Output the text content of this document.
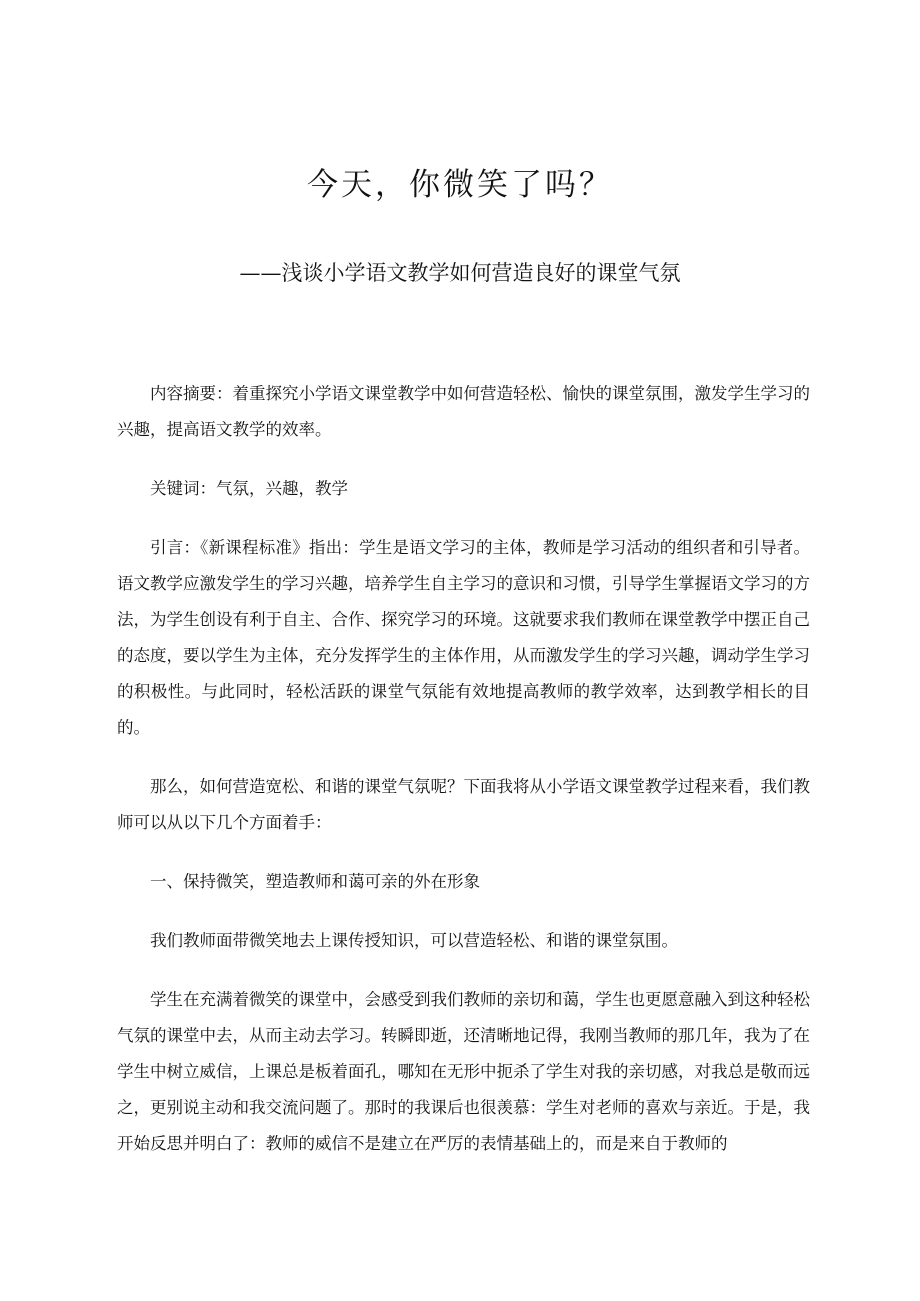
今天，你微笑了吗？
——浅谈小学语文教学如何营造良好的课堂气氛

内容摘要：着重探究小学语文课堂教学中如何营造轻松、愉快的课堂氛围，激发学生学习的兴趣，提高语文教学的效率。

关键词：气氛，兴趣，教学

引言：《新课程标准》指出：学生是语文学习的主体，教师是学习活动的组织者和引导者。语文教学应激发学生的学习兴趣，培养学生自主学习的意识和习惯，引导学生掌握语文学习的方法，为学生创设有利于自主、合作、探究学习的环境。这就要求我们教师在课堂教学中摆正自己的态度，要以学生为主体，充分发挥学生的主体作用，从而激发学生的学习兴趣，调动学生学习的积极性。与此同时，轻松活跃的课堂气氛能有效地提高教师的教学效率，达到教学相长的目的。

那么，如何营造宽松、和谐的课堂气氛呢？下面我将从小学语文课堂教学过程来看，我们教师可以从以下几个方面着手：

一、保持微笑，塑造教师和蔼可亲的外在形象

我们教师面带微笑地去上课传授知识，可以营造轻松、和谐的课堂氛围。

学生在充满着微笑的课堂中，会感受到我们教师的亲切和蔼，学生也更愿意融入到这种轻松气氛的课堂中去，从而主动去学习。转瞬即逝，还清晰地记得，我刚当教师的那几年，我为了在学生中树立威信，上课总是板着面孔，哪知在无形中扼杀了学生对我的亲切感，对我总是敬而远之，更别说主动和我交流问题了。那时的我课后也很羡慕：学生对老师的喜欢与亲近。于是，我开始反思并明白了：教师的威信不是建立在严厉的表情基础上的，而是来自于教师的
